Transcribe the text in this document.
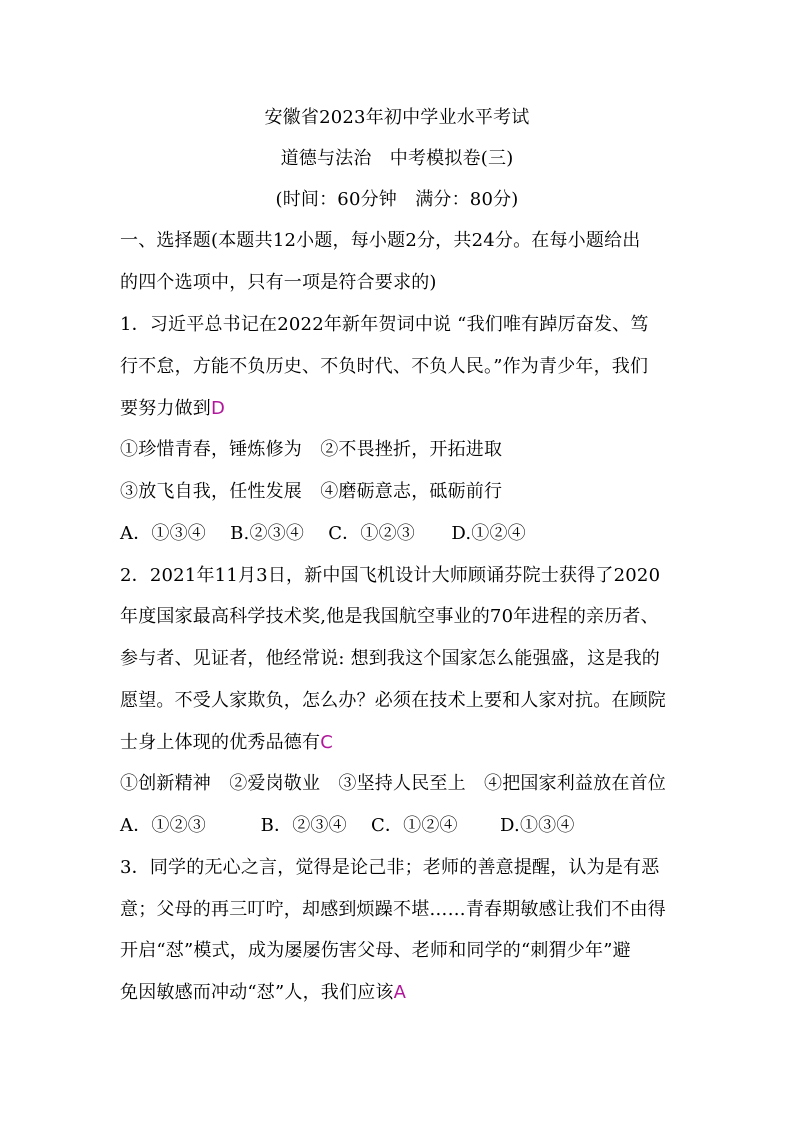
安徽省2023年初中学业水平考试
道德与法治　中考模拟卷(三)
(时间：60分钟　满分：80分)
一、选择题(本题共12小题，每小题2分，共24分。在每小题给出
的四个选项中，只有一项是符合要求的)
1．习近平总书记在2022年新年贺词中说 “我们唯有踔厉奋发、笃
行不怠，方能不负历史、不负时代、不负人民。”作为青少年，我们
要努力做到D
①珍惜青春，锤炼修为　②不畏挫折，开拓进取
③放飞自我，任性发展　④磨砺意志，砥砺前行
A．①③④　 B.②③④　 C．①②③　　D.①②④
2．2021年11月3日，新中国飞机设计大师顾诵芬院士获得了2020
年度国家最高科学技术奖,他是我国航空事业的70年进程的亲历者、
参与者、见证者，他经常说: 想到我这个国家怎么能强盛，这是我的
愿望。不受人家欺负，怎么办？必须在技术上要和人家对抗。在顾院
士身上体现的优秀品德有C
①创新精神　②爱岗敬业　③坚持人民至上　④把国家利益放在首位
A．①②③　　　B．②③④　 C．①②④　　 D.①③④
3．同学的无心之言，觉得是论己非；老师的善意提醒，认为是有恶
意；父母的再三叮咛，却感到烦躁不堪……青春期敏感让我们不由得
开启“怼”模式，成为屡屡伤害父母、老师和同学的“刺猬少年”避
免因敏感而冲动“怼”人，我们应该A
